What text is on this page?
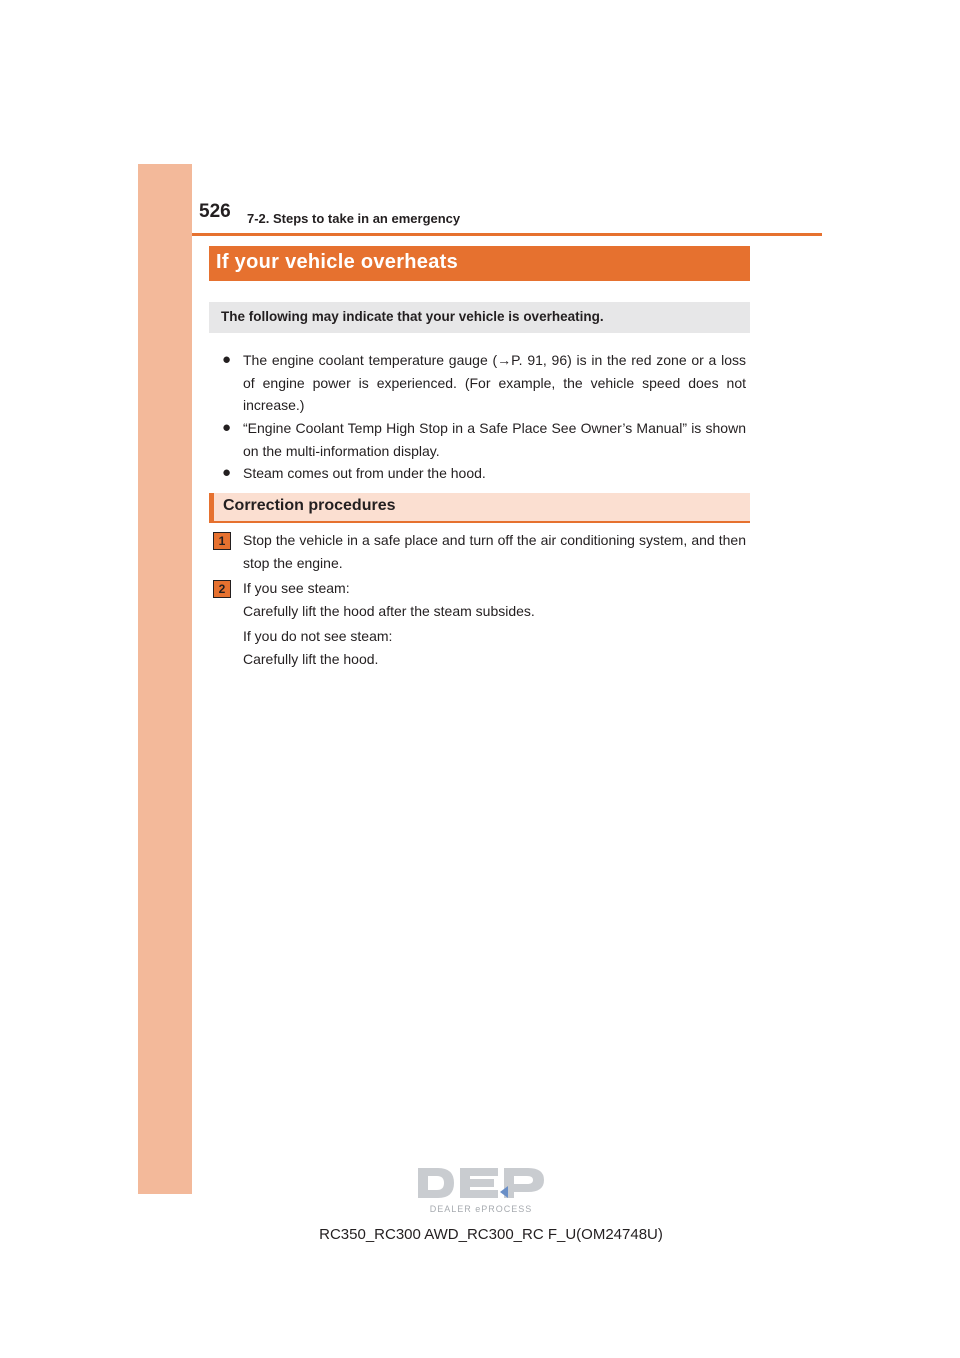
526 7-2. Steps to take in an emergency
If your vehicle overheats
The following may indicate that your vehicle is overheating.
● The engine coolant temperature gauge (→P. 91, 96) is in the red zone or a loss of engine power is experienced. (For example, the vehicle speed does not increase.)
● “Engine Coolant Temp High Stop in a Safe Place See Owner’s Manual” is shown on the multi-information display.
● Steam comes out from under the hood.
Correction procedures
1	Stop the vehicle in a safe place and turn off the air conditioning system, and then stop the engine.
2	If you see steam:
Carefully lift the hood after the steam subsides.
If you do not see steam:
Carefully lift the hood.
DEALER ePROCESS
RC350_RC300 AWD_RC300_RC F_U(OM24748U)
